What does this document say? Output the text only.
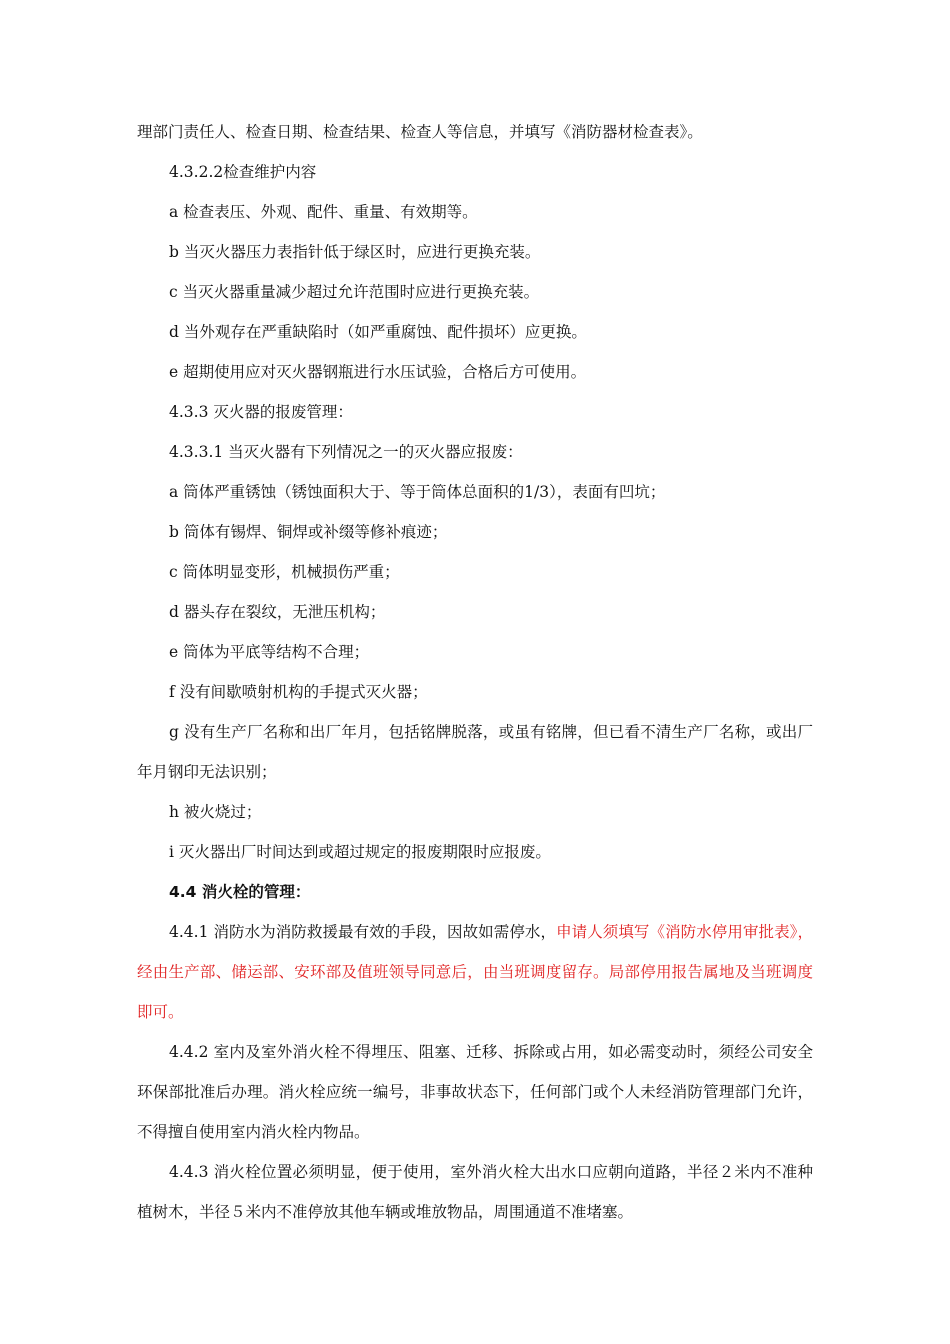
理部门责任人、检查日期、检查结果、检查人等信息，并填写《消防器材检查表》。

4.3.2.2检查维护内容

a 检查表压、外观、配件、重量、有效期等。

b 当灭火器压力表指针低于绿区时，应进行更换充装。

c 当灭火器重量减少超过允许范围时应进行更换充装。

d 当外观存在严重缺陷时（如严重腐蚀、配件损坏）应更换。

e 超期使用应对灭火器钢瓶进行水压试验，合格后方可使用。

4.3.3 灭火器的报废管理：

4.3.3.1 当灭火器有下列情况之一的灭火器应报废：

a 筒体严重锈蚀（锈蚀面积大于、等于筒体总面积的1/3），表面有凹坑；

b 筒体有锡焊、铜焊或补缀等修补痕迹；

c 筒体明显变形，机械损伤严重；

d 器头存在裂纹，无泄压机构；

e 筒体为平底等结构不合理；

f 没有间歇喷射机构的手提式灭火器；

g 没有生产厂名称和出厂年月，包括铭牌脱落，或虽有铭牌，但已看不清生产厂名称，或出厂年月钢印无法识别；

h 被火烧过；

i 灭火器出厂时间达到或超过规定的报废期限时应报废。

4.4 消火栓的管理：

4.4.1 消防水为消防救援最有效的手段，因故如需停水，申请人须填写《消防水停用审批表》，经由生产部、储运部、安环部及值班领导同意后，由当班调度留存。局部停用报告属地及当班调度即可。

4.4.2 室内及室外消火栓不得埋压、阻塞、迁移、拆除或占用，如必需变动时，须经公司安全环保部批准后办理。消火栓应统一编号，非事故状态下，任何部门或个人未经消防管理部门允许，不得擅自使用室内消火栓内物品。

4.4.3 消火栓位置必须明显，便于使用，室外消火栓大出水口应朝向道路，半径２米内不准种植树木，半径５米内不准停放其他车辆或堆放物品，周围通道不准堵塞。
